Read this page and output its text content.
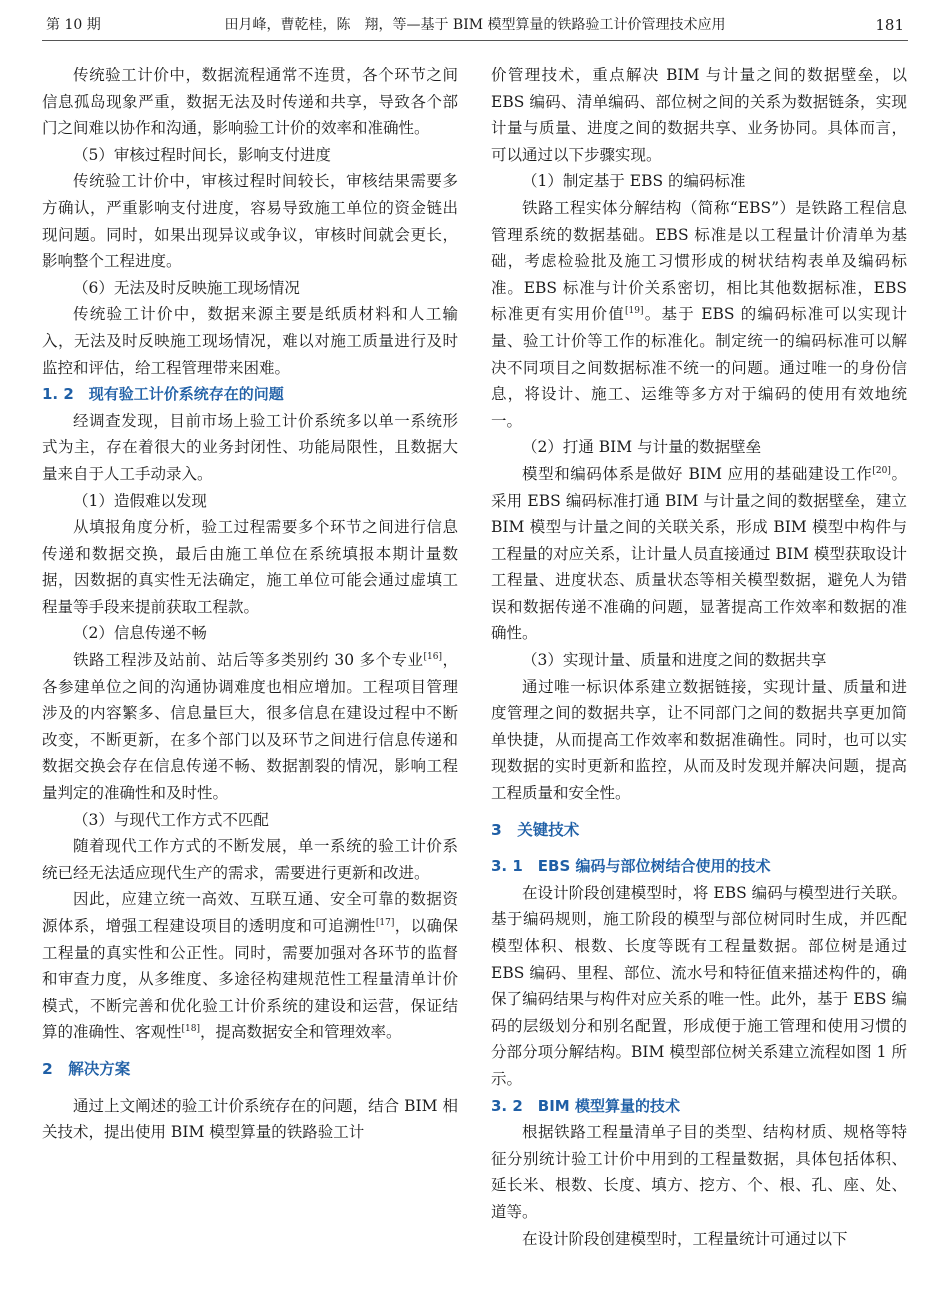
第 10 期	田月峰，曹乾桂，陈　翔，等—基于 BIM 模型算量的铁路验工计价管理技术应用	181

传统验工计价中，数据流程通常不连贯，各个环节之间信息孤岛现象严重，数据无法及时传递和共享，导致各个部门之间难以协作和沟通，影响验工计价的效率和准确性。

（5）审核过程时间长，影响支付进度

传统验工计价中，审核过程时间较长，审核结果需要多方确认，严重影响支付进度，容易导致施工单位的资金链出现问题。同时，如果出现异议或争议，审核时间就会更长，影响整个工程进度。

（6）无法及时反映施工现场情况

传统验工计价中，数据来源主要是纸质材料和人工输入，无法及时反映施工现场情况，难以对施工质量进行及时监控和评估，给工程管理带来困难。

1. 2　现有验工计价系统存在的问题

经调查发现，目前市场上验工计价系统多以单一系统形式为主，存在着很大的业务封闭性、功能局限性，且数据大量来自于人工手动录入。

（1）造假难以发现

从填报角度分析，验工过程需要多个环节之间进行信息传递和数据交换，最后由施工单位在系统填报本期计量数据，因数据的真实性无法确定，施工单位可能会通过虚填工程量等手段来提前获取工程款。

（2）信息传递不畅

铁路工程涉及站前、站后等多类别约 30 多个专业[16]，各参建单位之间的沟通协调难度也相应增加。工程项目管理涉及的内容繁多、信息量巨大，很多信息在建设过程中不断改变，不断更新，在多个部门以及环节之间进行信息传递和数据交换会存在信息传递不畅、数据割裂的情况，影响工程量判定的准确性和及时性。

（3）与现代工作方式不匹配

随着现代工作方式的不断发展，单一系统的验工计价系统已经无法适应现代生产的需求，需要进行更新和改进。

因此，应建立统一高效、互联互通、安全可靠的数据资源体系，增强工程建设项目的透明度和可追溯性[17]，以确保工程量的真实性和公正性。同时，需要加强对各环节的监督和审查力度，从多维度、多途径构建规范性工程量清单计价模式，不断完善和优化验工计价系统的建设和运营，保证结算的准确性、客观性[18]，提高数据安全和管理效率。

2　解决方案

通过上文阐述的验工计价系统存在的问题，结合 BIM 相关技术，提出使用 BIM 模型算量的铁路验工计

价管理技术，重点解决 BIM 与计量之间的数据壁垒，以 EBS 编码、清单编码、部位树之间的关系为数据链条，实现计量与质量、进度之间的数据共享、业务协同。具体而言，可以通过以下步骤实现。

（1）制定基于 EBS 的编码标准

铁路工程实体分解结构（简称“EBS”）是铁路工程信息管理系统的数据基础。EBS 标准是以工程量计价清单为基础，考虑检验批及施工习惯形成的树状结构表单及编码标准。EBS 标准与计价关系密切，相比其他数据标准，EBS 标准更有实用价值[19]。基于 EBS 的编码标准可以实现计量、验工计价等工作的标准化。制定统一的编码标准可以解决不同项目之间数据标准不统一的问题。通过唯一的身份信息，将设计、施工、运维等多方对于编码的使用有效地统一。

（2）打通 BIM 与计量的数据壁垒

模型和编码体系是做好 BIM 应用的基础建设工作[20]。采用 EBS 编码标准打通 BIM 与计量之间的数据壁垒，建立 BIM 模型与计量之间的关联关系，形成 BIM 模型中构件与工程量的对应关系，让计量人员直接通过 BIM 模型获取设计工程量、进度状态、质量状态等相关模型数据，避免人为错误和数据传递不准确的问题，显著提高工作效率和数据的准确性。

（3）实现计量、质量和进度之间的数据共享

通过唯一标识体系建立数据链接，实现计量、质量和进度管理之间的数据共享，让不同部门之间的数据共享更加简单快捷，从而提高工作效率和数据准确性。同时，也可以实现数据的实时更新和监控，从而及时发现并解决问题，提高工程质量和安全性。

3　关键技术

3. 1　EBS 编码与部位树结合使用的技术

在设计阶段创建模型时，将 EBS 编码与模型进行关联。基于编码规则，施工阶段的模型与部位树同时生成，并匹配模型体积、根数、长度等既有工程量数据。部位树是通过 EBS 编码、里程、部位、流水号和特征值来描述构件的，确保了编码结果与构件对应关系的唯一性。此外，基于 EBS 编码的层级划分和别名配置，形成便于施工管理和使用习惯的分部分项分解结构。BIM 模型部位树关系建立流程如图 1 所示。

3. 2　BIM 模型算量的技术

根据铁路工程量清单子目的类型、结构材质、规格等特征分别统计验工计价中用到的工程量数据，具体包括体积、延长米、根数、长度、填方、挖方、个、根、孔、座、处、道等。

在设计阶段创建模型时，工程量统计可通过以下
